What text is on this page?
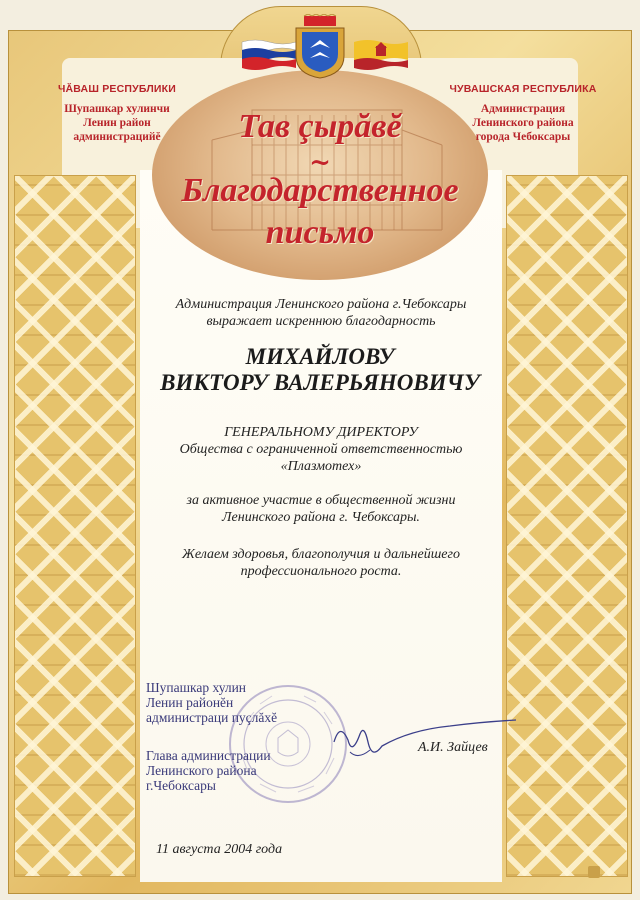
ЧĂВАШ РЕСПУБЛИКИ
Шупашкар хулинчи
Ленин район
администрацийĕ
ЧУВАШСКАЯ РЕСПУБЛИКА
Администрация
Ленинского района
города Чебоксары
Тав çырăвĕ
~
Благодарственное
письмо
Администрация Ленинского района г.Чебоксары
выражает искреннюю благодарность
МИХАЙЛОВУ
ВИКТОРУ ВАЛЕРЬЯНОВИЧУ
ГЕНЕРАЛЬНОМУ ДИРЕКТОРУ
Общества с ограниченной ответственностью
«Плазмотех»
за активное участие в общественной жизни
Ленинского района г. Чебоксары.
Желаем здоровья, благополучия и дальнейшего
профессионального роста.
Шупашкар хулин
Ленин районĕн
администраци пуçлăхĕ
Глава администрации
Ленинского района
г.Чебоксары
А.И. Зайцев
11 августа 2004 года
